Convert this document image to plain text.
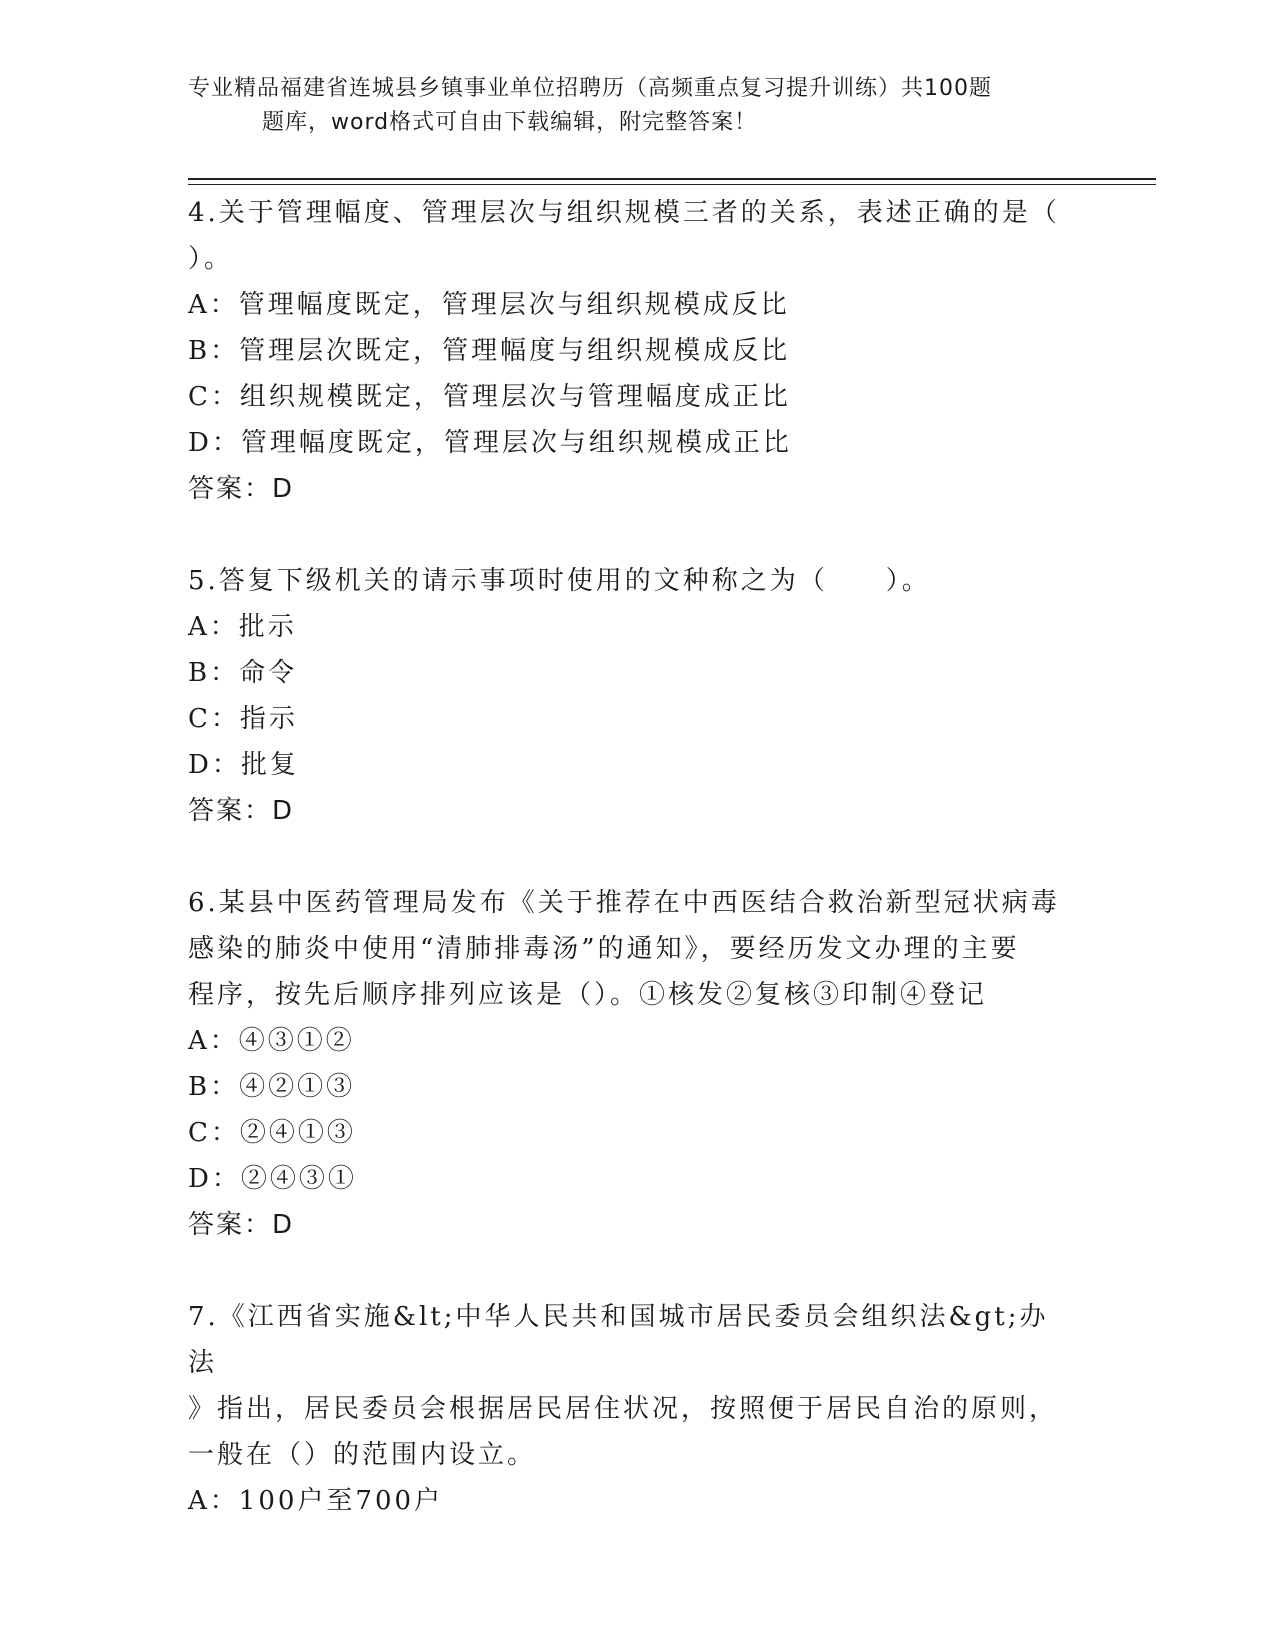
专业精品福建省连城县乡镇事业单位招聘历（高频重点复习提升训练）共100题
题库，word格式可自由下载编辑，附完整答案！

4.关于管理幅度、管理层次与组织规模三者的关系，表述正确的是（

）。

A：管理幅度既定，管理层次与组织规模成反比

B：管理层次既定，管理幅度与组织规模成反比

C：组织规模既定，管理层次与管理幅度成正比

D：管理幅度既定，管理层次与组织规模成正比

答案：D

5.答复下级机关的请示事项时使用的文种称之为（　　）。

A：批示

B：命令

C：指示

D：批复

答案：D

6.某县中医药管理局发布《关于推荐在中西医结合救治新型冠状病毒

感染的肺炎中使用“清肺排毒汤”的通知》，要经历发文办理的主要

程序，按先后顺序排列应该是（）。①核发②复核③印制④登记

A：④③①②

B：④②①③

C：②④①③

D：②④③①

答案：D

7.《江西省实施&lt;中华人民共和国城市居民委员会组织法&gt;办法

》指出，居民委员会根据居民居住状况，按照便于居民自治的原则，

一般在（）的范围内设立。

A：100户至700户
